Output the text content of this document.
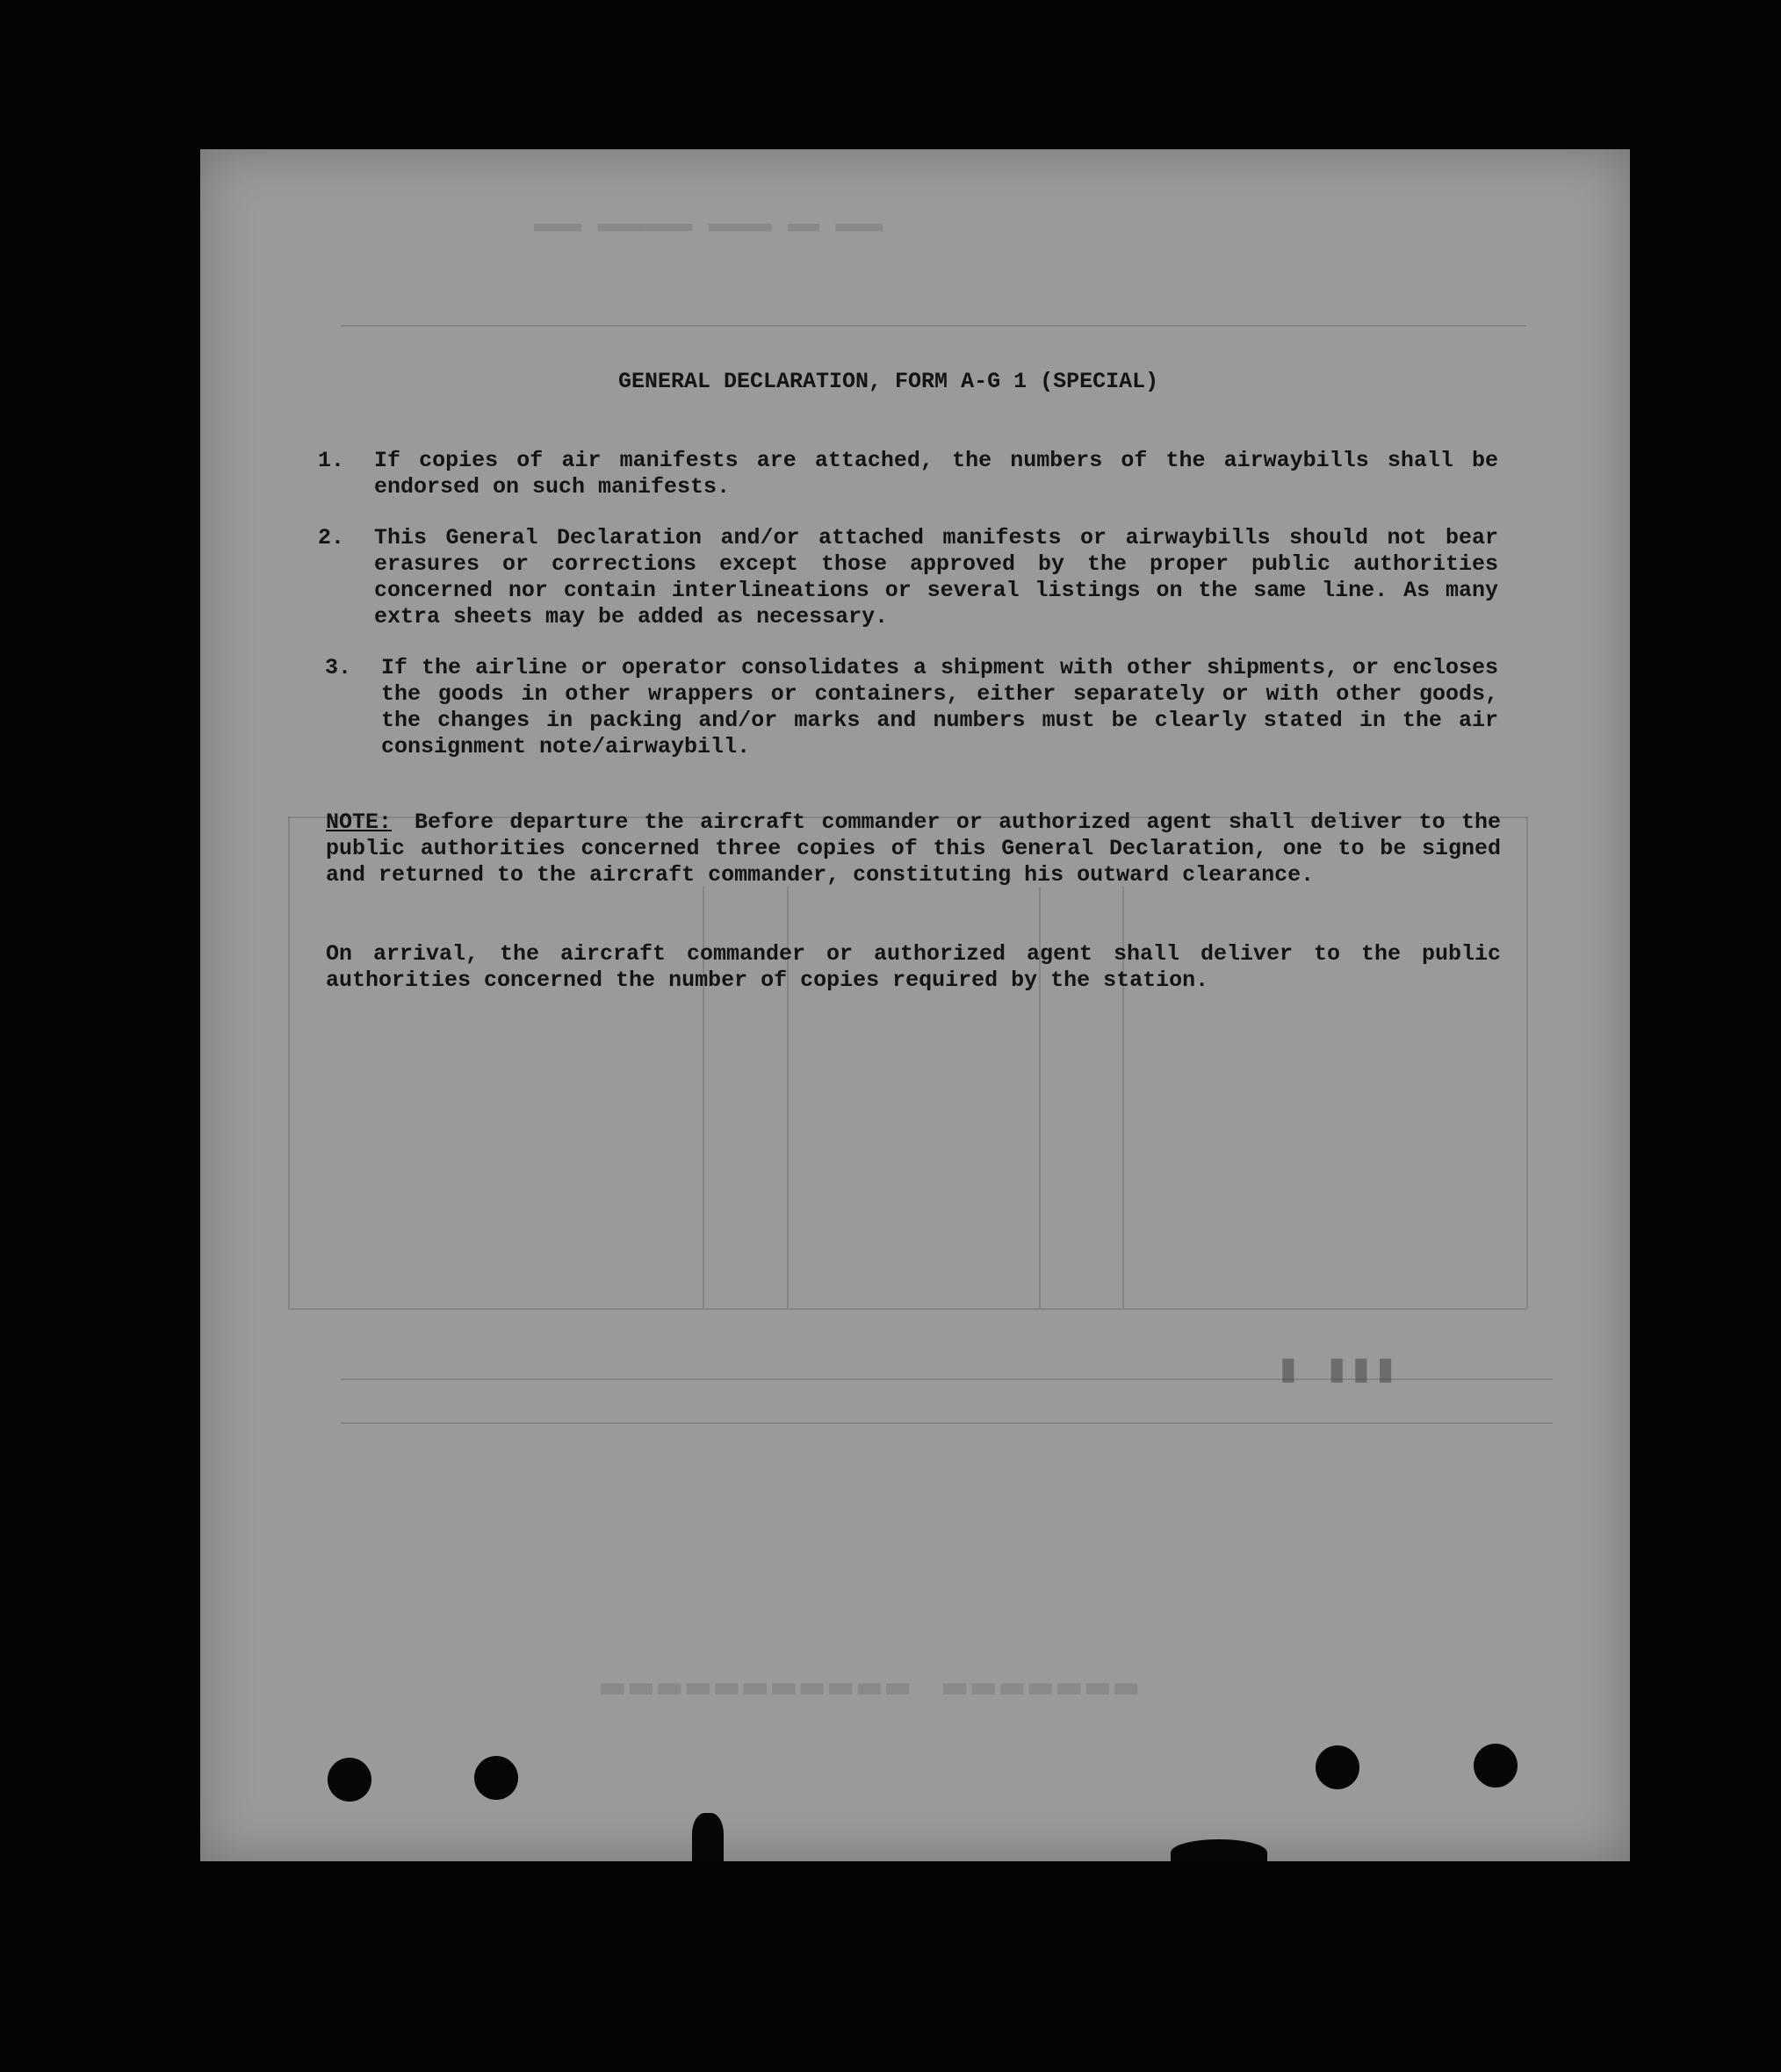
▬▬▬ ▬▬ ▬▬▬▬ ▬▬▬▬▬▬ ▬▬▬
▬▬▬▬▬▬▬ ▬▬▬▬▬▬▬▬▬▬▬
▮▮▮ ▮
GENERAL DECLARATION, FORM A-G 1 (SPECIAL)
1.	If copies of air manifests are attached, the numbers of the airwaybills shall be endorsed on such manifests.
2.	This General Declaration and/or attached manifests or airwaybills should not bear erasures or corrections except those approved by the proper public authorities concerned nor contain interlineations or several listings on the same line. As many extra sheets may be added as necessary.
3.	If the airline or operator consolidates a shipment with other shipments, or encloses the goods in other wrappers or containers, either separately or with other goods, the changes in packing and/or marks and numbers must be clearly stated in the air consignment note/airwaybill.
NOTE: Before departure the aircraft commander or authorized agent shall deliver to the public authorities concerned three copies of this General Declaration, one to be signed and returned to the aircraft commander, constituting his outward clearance.
On arrival, the aircraft commander or authorized agent shall deliver to the public authorities concerned the number of copies required by the station.
